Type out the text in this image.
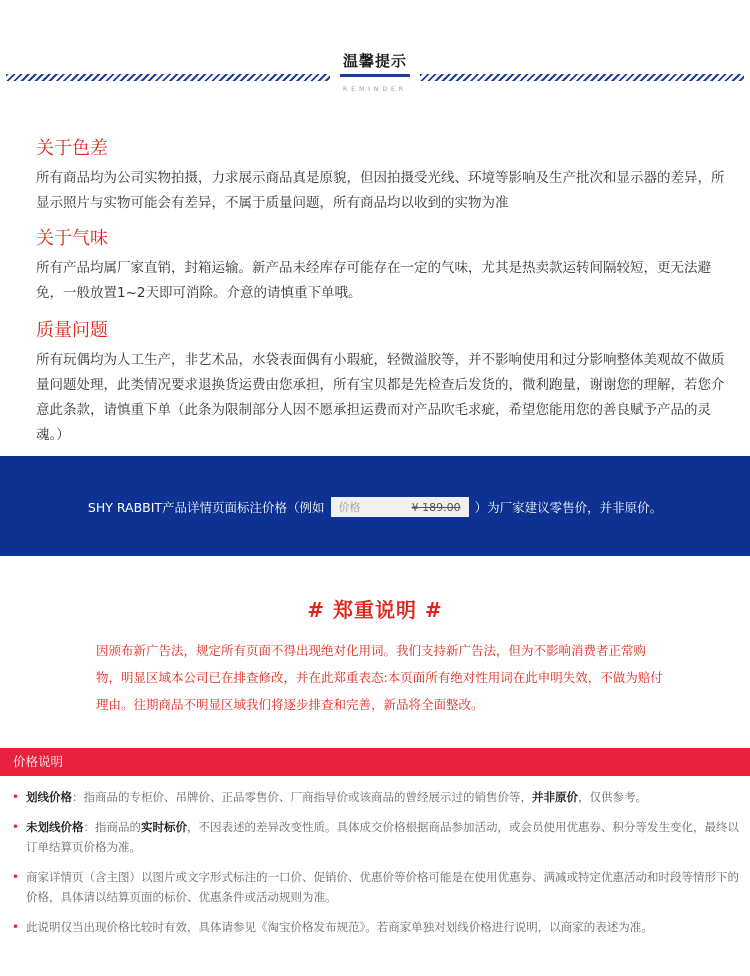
温馨提示
REMINDER
关于色差
所有商品均为公司实物拍摄，力求展示商品真是原貌，但因拍摄受光线、环境等影响及生产批次和显示器的差异，所显示照片与实物可能会有差异，不属于质量问题，所有商品均以收到的实物为准
关于气味
所有产品均属厂家直销，封箱运输。新产品未经库存可能存在一定的气味，尤其是热卖款运转间隔较短，更无法避免，一般放置1~2天即可消除。介意的请慎重下单哦。
质量问题
所有玩偶均为人工生产，非艺术品，水袋表面偶有小瑕疵，轻微溢胶等，并不影响使用和过分影响整体美观故不做质量问题处理，此类情况要求退换货运费由您承担，所有宝贝都是先检查后发货的，微利跑量，谢谢您的理解，若您介意此条款，请慎重下单（此条为限制部分人因不愿承担运费而对产品吹毛求疵，希望您能用您的善良赋予产品的灵魂。）
SHY RABBIT产品详情页面标注价格（例如 价格	¥ 189.00 ）为厂家建议零售价，并非原价。
# 郑重说明 #
因颁布新广告法，规定所有页面不得出现绝对化用词。我们支持新广告法，但为不影响消费者正常购物，明显区域本公司已在排查修改，并在此郑重表态:本页面所有绝对性用词在此申明失效，不做为赔付理由。往期商品不明显区域我们将逐步排查和完善，新品将全面整改。
价格说明
• 划线价格：指商品的专柜价、吊牌价、正品零售价、厂商指导价或该商品的曾经展示过的销售价等，并非原价，仅供参考。
• 未划线价格：指商品的实时标价，不因表述的差异改变性质。具体成交价格根据商品参加活动，或会员使用优惠券、积分等发生变化，最终以订单结算页价格为准。
• 商家详情页（含主图）以图片或文字形式标注的一口价、促销价、优惠价等价格可能是在使用优惠券、满减或特定优惠活动和时段等情形下的价格，具体请以结算页面的标价、优惠条件或活动规则为准。
• 此说明仅当出现价格比较时有效，具体请参见《淘宝价格发布规范》。若商家单独对划线价格进行说明，以商家的表述为准。
